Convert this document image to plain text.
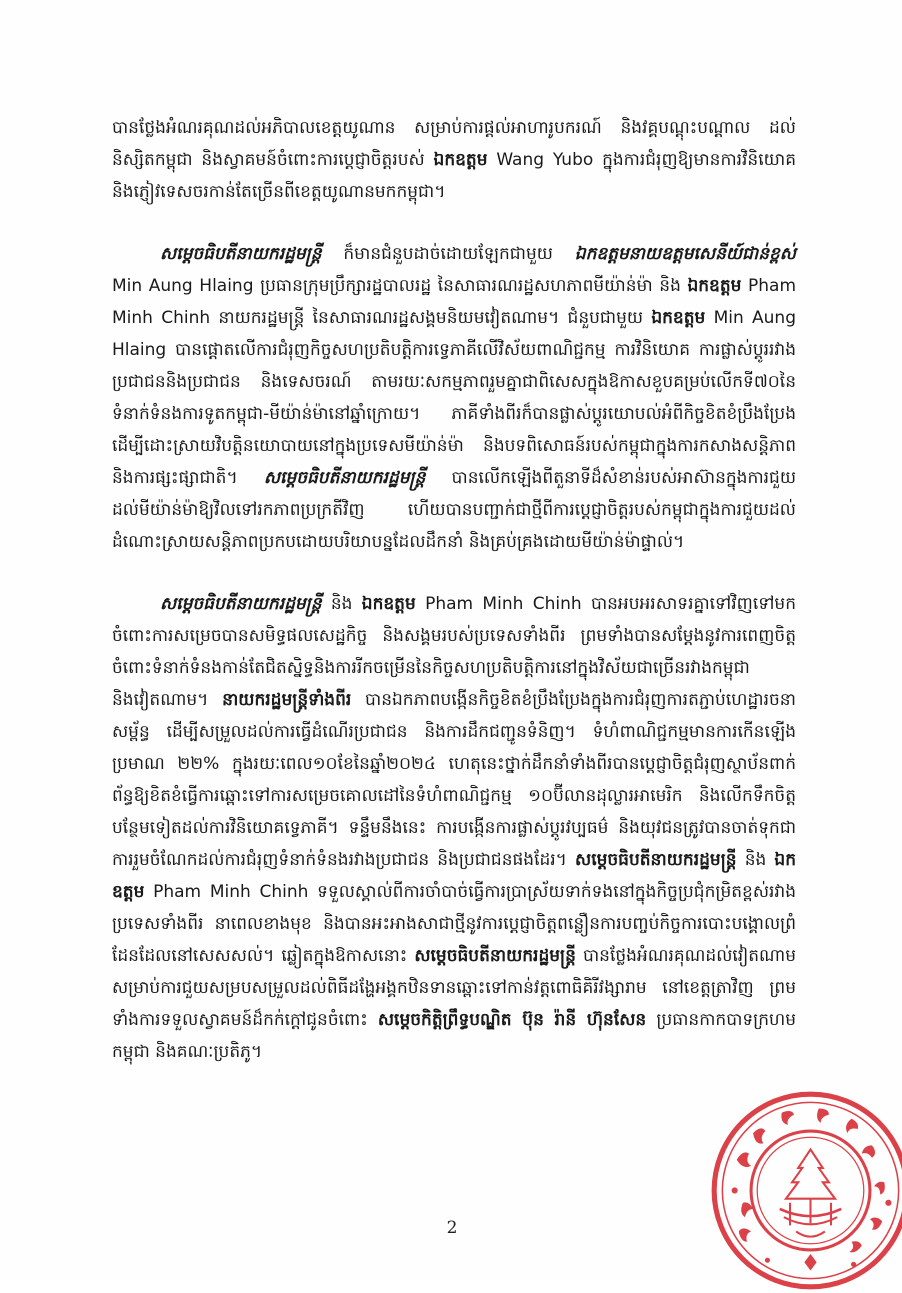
បានថ្លែងអំណរគុណដល់អភិបាលខេត្តយូណាន សម្រាប់ការផ្តល់អាហារូបករណ៍ និងវគ្គបណ្តុះបណ្តាល ដល់និស្សិតកម្ពុជា និងស្វាគមន៍ចំពោះការប្តេជ្ញាចិត្តរបស់ ឯកឧត្តម Wang Yubo ក្នុងការជំរុញឱ្យមានការវិនិយោគ និងភ្ញៀវទេសចរកាន់តែច្រើនពីខេត្តយូណានមកកម្ពុជា។

សម្តេចធិបតីនាយករដ្ឋមន្ត្រី ក៏មានជំនួបដាច់ដោយឡែកជាមួយ ឯកឧត្តមនាយឧត្តមសេនីយ៍ជាន់ខ្ពស់ Min Aung Hlaing ប្រធានក្រុមប្រឹក្សារដ្ឋបាលរដ្ឋ នៃសាធារណរដ្ឋសហភាពមីយ៉ាន់ម៉ា និង ឯកឧត្តម Pham Minh Chinh នាយករដ្ឋមន្ត្រី នៃសាធារណរដ្ឋសង្គមនិយមវៀតណាម។ ជំនួបជាមួយ ឯកឧត្តម Min Aung Hlaing បានផ្តោតលើការជំរុញកិច្ចសហប្រតិបត្តិការទ្វេភាគីលើវិស័យពាណិជ្ជកម្ម ការវិនិយោគ ការផ្លាស់ប្តូររវាងប្រជាជននិងប្រជាជន និងទេសចរណ៍ តាមរយៈសកម្មភាពរួមគ្នាជាពិសេសក្នុងឱកាសខួបគម្រប់លើកទី៧០នៃទំនាក់ទំនងការទូតកម្ពុជា-មីយ៉ាន់ម៉ានៅឆ្នាំក្រោយ។ ភាគីទាំងពីរក៏បានផ្លាស់ប្តូរយោបល់អំពីកិច្ចខិតខំប្រឹងប្រែងដើម្បីដោះស្រាយវិបត្តិនយោបាយនៅក្នុងប្រទេសមីយ៉ាន់ម៉ា និងបទពិសោធន៍របស់កម្ពុជាក្នុងការកសាងសន្តិភាព និងការផ្សះផ្សាជាតិ។ សម្តេចធិបតីនាយករដ្ឋមន្ត្រី បានលើកឡើងពីតួនាទីដ៏សំខាន់របស់អាស៊ានក្នុងការជួយដល់មីយ៉ាន់ម៉ាឱ្យវិលទៅរកភាពប្រក្រតីវិញ ហើយបានបញ្ជាក់ជាថ្មីពីការប្តេជ្ញាចិត្តរបស់កម្ពុជាក្នុងការជួយដល់ដំណោះស្រាយសន្តិភាពប្រកបដោយបរិយាបន្នដែលដឹកនាំ និងគ្រប់គ្រងដោយមីយ៉ាន់ម៉ាផ្ទាល់។

សម្តេចធិបតីនាយករដ្ឋមន្ត្រី និង ឯកឧត្តម Pham Minh Chinh បានអបអរសាទរគ្នាទៅវិញទៅមកចំពោះការសម្រេចបានសមិទ្ធផលសេដ្ឋកិច្ច និងសង្គមរបស់ប្រទេសទាំងពីរ ព្រមទាំងបានសម្តែងនូវការពេញចិត្តចំពោះទំនាក់ទំនងកាន់តែជិតស្និទ្ធនិងការរីកចម្រើននៃកិច្ចសហប្រតិបត្តិការនៅក្នុងវិស័យជាច្រើនរវាងកម្ពុជា និងវៀតណាម។ នាយករដ្ឋមន្ត្រីទាំងពីរ បានឯកភាពបង្កើនកិច្ចខិតខំប្រឹងប្រែងក្នុងការជំរុញការតភ្ជាប់ហេដ្ឋារចនាសម្ព័ន្ធ ដើម្បីសម្រួលដល់ការធ្វើដំណើរប្រជាជន និងការដឹកជញ្ជូនទំនិញ។ ទំហំពាណិជ្ជកម្មមានការកើនឡើងប្រមាណ ២២% ក្នុងរយៈពេល១០ខែនៃឆ្នាំ២០២៤ ហេតុនេះថ្នាក់ដឹកនាំទាំងពីរបានប្តេជ្ញាចិត្តជំរុញស្ថាប័នពាក់ព័ន្ធឱ្យខិតខំធ្វើការឆ្ពោះទៅការសម្រេចគោលដៅនៃទំហំពាណិជ្ជកម្ម ១០ប៊ីលានដុល្លារអាមេរិក និងលើកទឹកចិត្តបន្ថែមទៀតដល់ការវិនិយោគទ្វេភាគី។ ទន្ទឹមនឹងនេះ ការបង្កើនការផ្លាស់ប្តូរវប្បធម៌ និងយុវជនត្រូវបានចាត់ទុកជាការរួមចំណែកដល់ការជំរុញទំនាក់ទំនងរវាងប្រជាជន និងប្រជាជនផងដែរ។ សម្តេចធិបតីនាយករដ្ឋមន្ត្រី និង ឯកឧត្តម Pham Minh Chinh ទទួលស្គាល់ពីការចាំបាច់ធ្វើការប្រាស្រ័យទាក់ទងនៅក្នុងកិច្ចប្រជុំកម្រិតខ្ពស់រវាងប្រទេសទាំងពីរ នាពេលខាងមុខ និងបានអះអាងសាជាថ្មីនូវការប្តេជ្ញាចិត្តពន្លឿនការបញ្ចប់កិច្ចការបោះបង្គោលព្រំដែនដែលនៅសេសសល់។ ឆ្លៀតក្នុងឱកាសនោះ សម្តេចធិបតីនាយករដ្ឋមន្ត្រី បានថ្លែងអំណរគុណដល់វៀតណាមសម្រាប់ការជួយសម្របសម្រួលដល់ពិធីដង្ហែអង្គកឋិនទានឆ្ពោះទៅកាន់វត្តពោធិគិរីវង្សារាម នៅខេត្តត្រាវិញ ព្រមទាំងការទទួលស្វាគមន៍ដ៏កក់ក្តៅជូនចំពោះ សម្តេចកិត្តិព្រឹទ្ធបណ្ឌិត ប៊ុន រ៉ានី ហ៊ុនសែន ប្រធានកាកបាទក្រហមកម្ពុជា និងគណៈប្រតិភូ។

2
